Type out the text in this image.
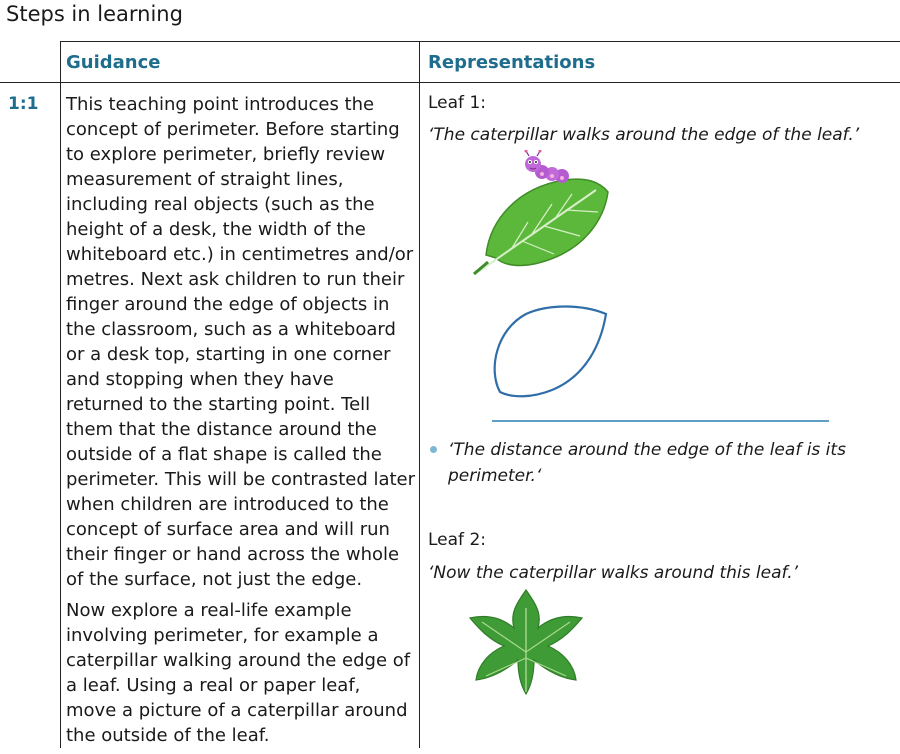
Steps in learning
Guidance	Representations
1:1 This teaching point introduces the concept of perimeter. Before starting to explore perimeter, briefly review measurement of straight lines, including real objects (such as the height of a desk, the width of the whiteboard etc.) in centimetres and/or metres. Next ask children to run their finger around the edge of objects in the classroom, such as a whiteboard or a desk top, starting in one corner and stopping when they have returned to the starting point. Tell them that the distance around the outside of a flat shape is called the perimeter. This will be contrasted later when children are introduced to the concept of surface area and will run their finger or hand across the whole of the surface, not just the edge.

Now explore a real-life example involving perimeter, for example a caterpillar walking around the edge of a leaf. Using a real or paper leaf, move a picture of a caterpillar around the outside of the leaf.

Leaf 1:
‘The caterpillar walks around the edge of the leaf.’
‘The distance around the edge of the leaf is its
perimeter.‘
Leaf 2:
‘Now the caterpillar walks around this leaf.’
